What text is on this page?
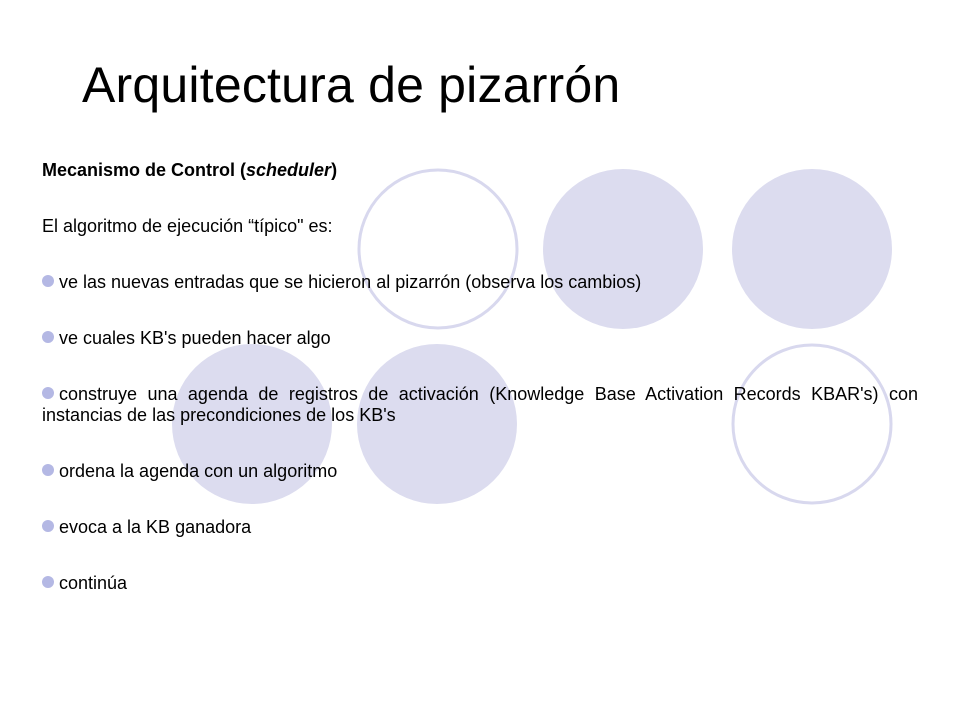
Arquitectura de pizarrón

Mecanismo de Control (scheduler)

El algoritmo de ejecución “típico" es:

ve las nuevas entradas que se hicieron al pizarrón (observa los cambios)
ve cuales KB's pueden hacer algo
construye una agenda de registros de activación (Knowledge Base Activation Records KBAR's) con instancias de las precondiciones de los KB's
ordena la agenda con un algoritmo
evoca a la KB ganadora
continúa
